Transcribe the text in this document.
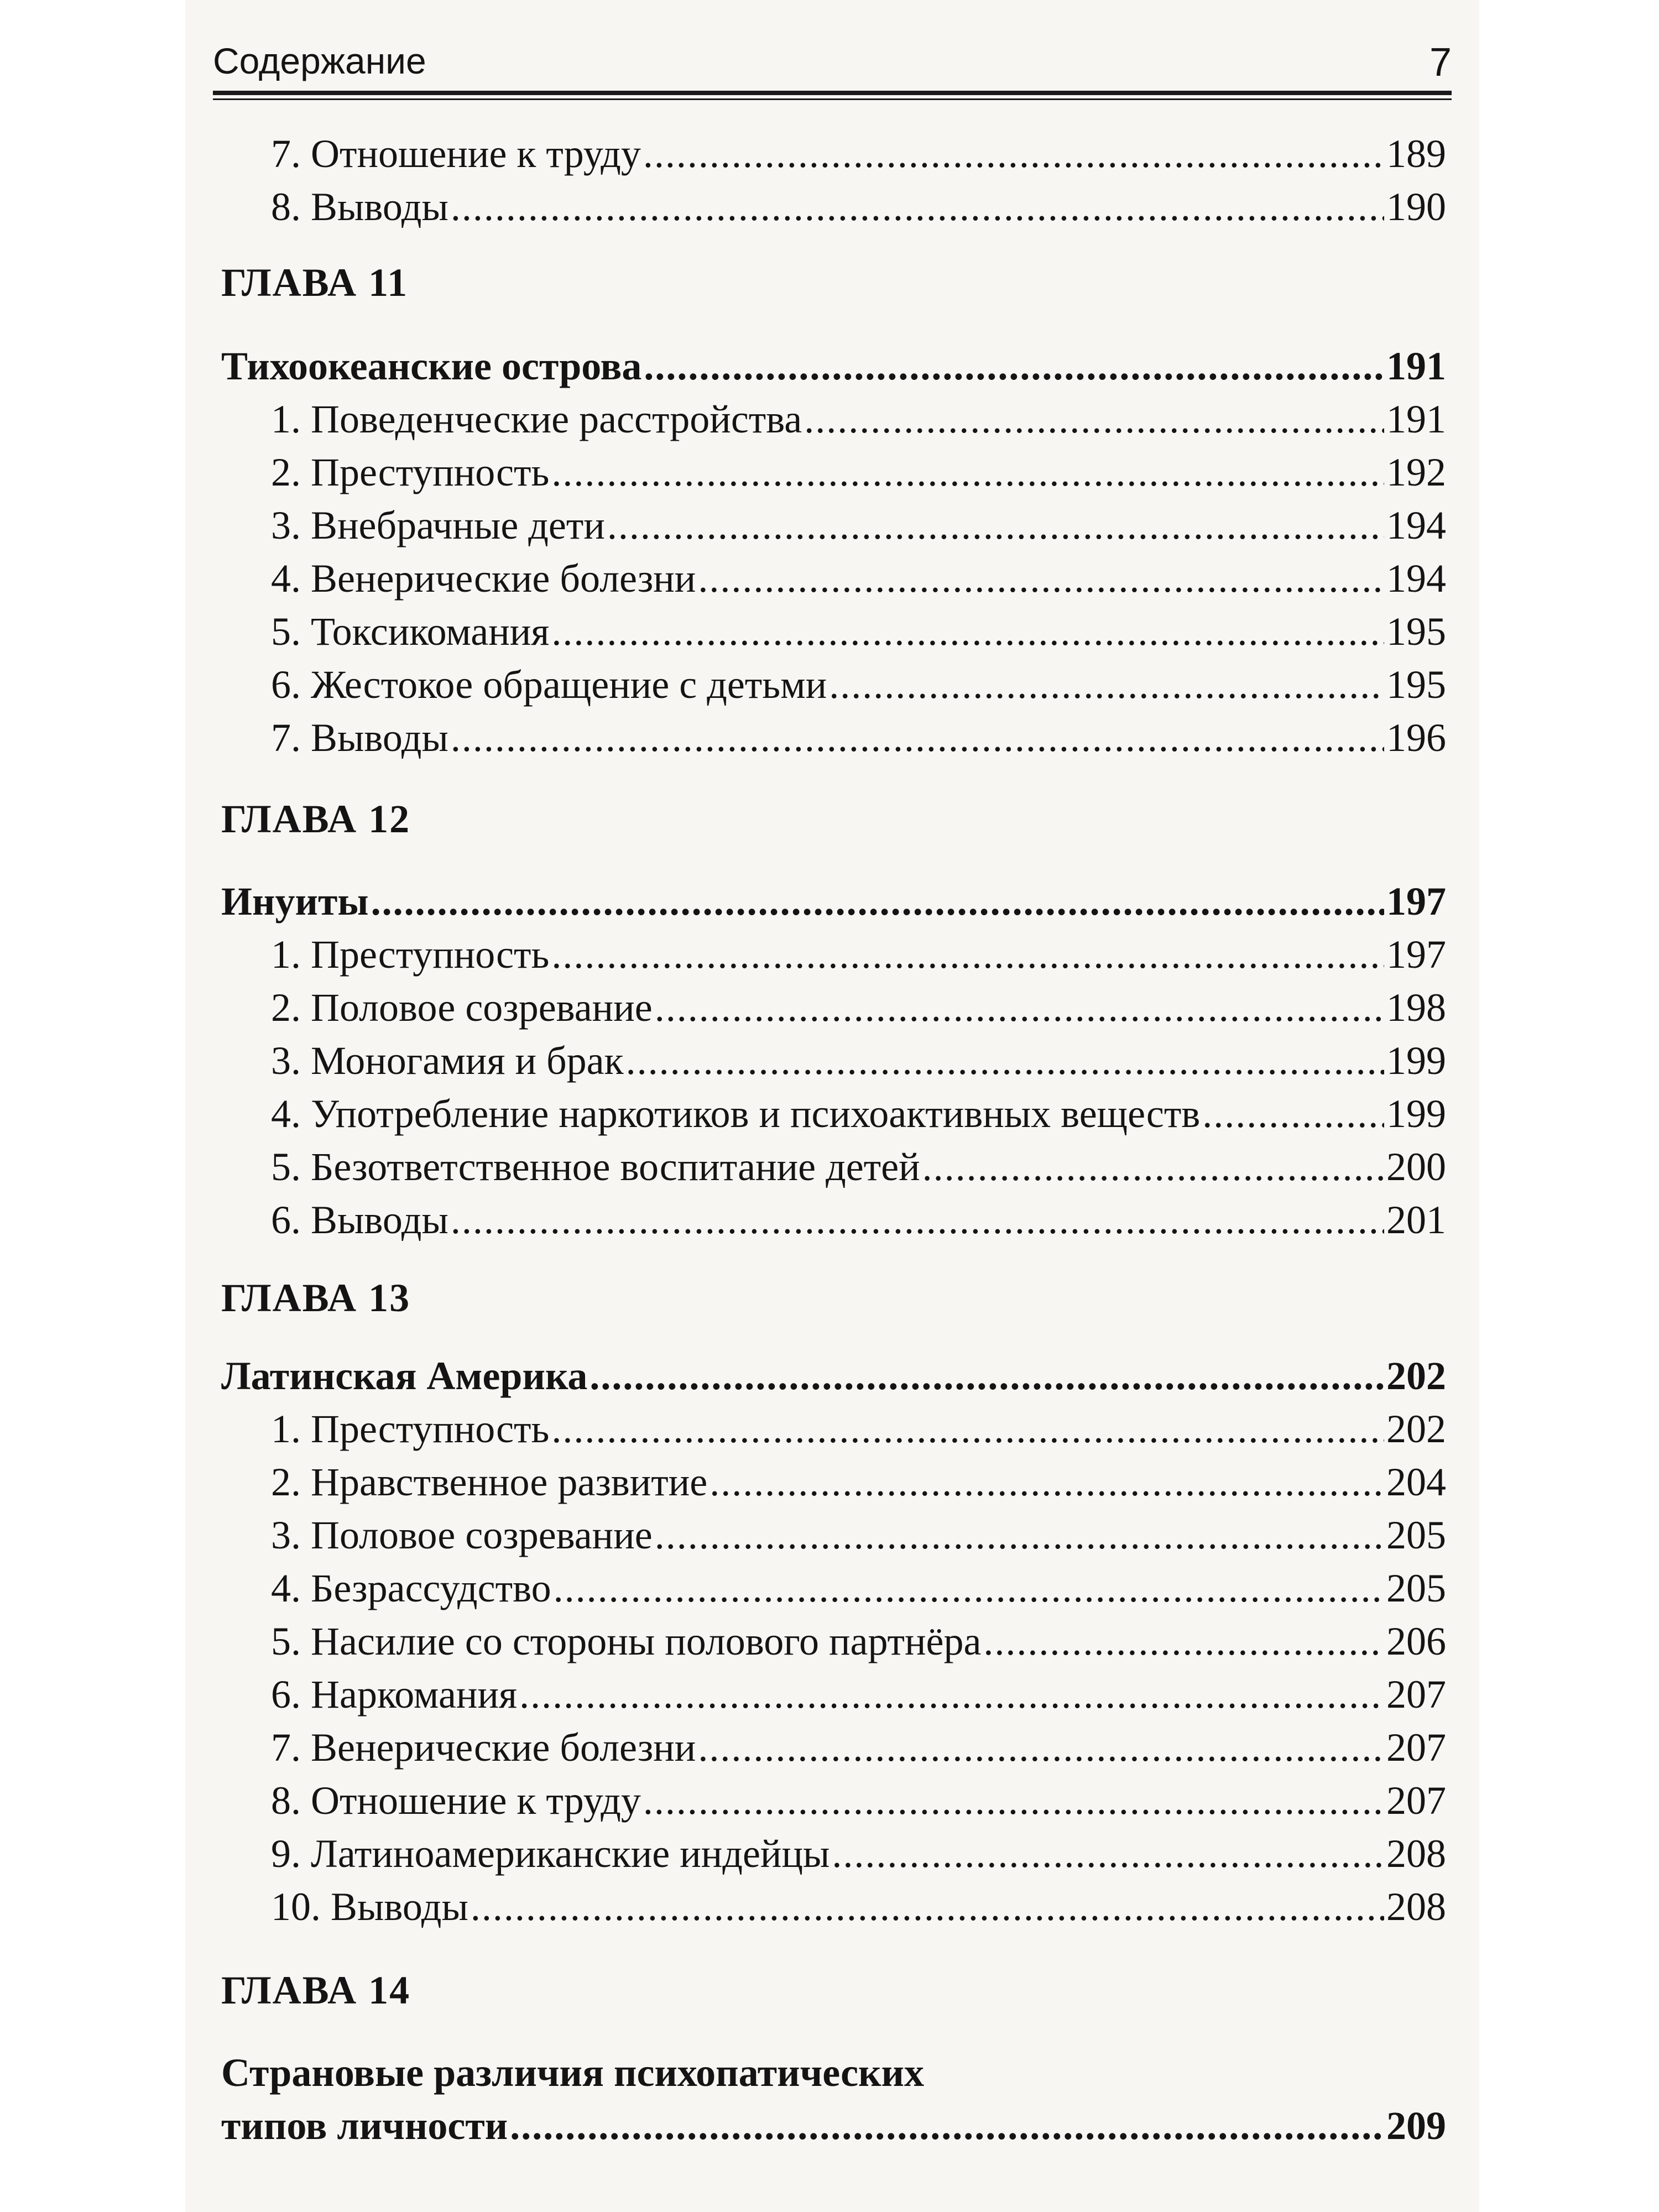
Содержание	7
7. Отношение к труду .....	189
8. Выводы .....	190
ГЛАВА 11
Тихоокеанские острова .....	191
1. Поведенческие расстройства .....	191
2. Преступность .....	192
3. Внебрачные дети .....	194
4. Венерические болезни .....	194
5. Токсикомания .....	195
6. Жестокое обращение с детьми .....	195
7. Выводы .....	196
ГЛАВА 12
Инуиты .....	197
1. Преступность .....	197
2. Половое созревание .....	198
3. Моногамия и брак .....	199
4. Употребление наркотиков и психоактивных веществ .....	199
5. Безответственное воспитание детей .....	200
6. Выводы .....	201
ГЛАВА 13
Латинская Америка .....	202
1. Преступность .....	202
2. Нравственное развитие .....	204
3. Половое созревание .....	205
4. Безрассудство .....	205
5. Насилие со стороны полового партнёра .....	206
6. Наркомания .....	207
7. Венерические болезни .....	207
8. Отношение к труду .....	207
9. Латиноамериканские индейцы .....	208
10. Выводы .....	208
ГЛАВА 14
Страновые различия психопатических
типов личности .....	209
